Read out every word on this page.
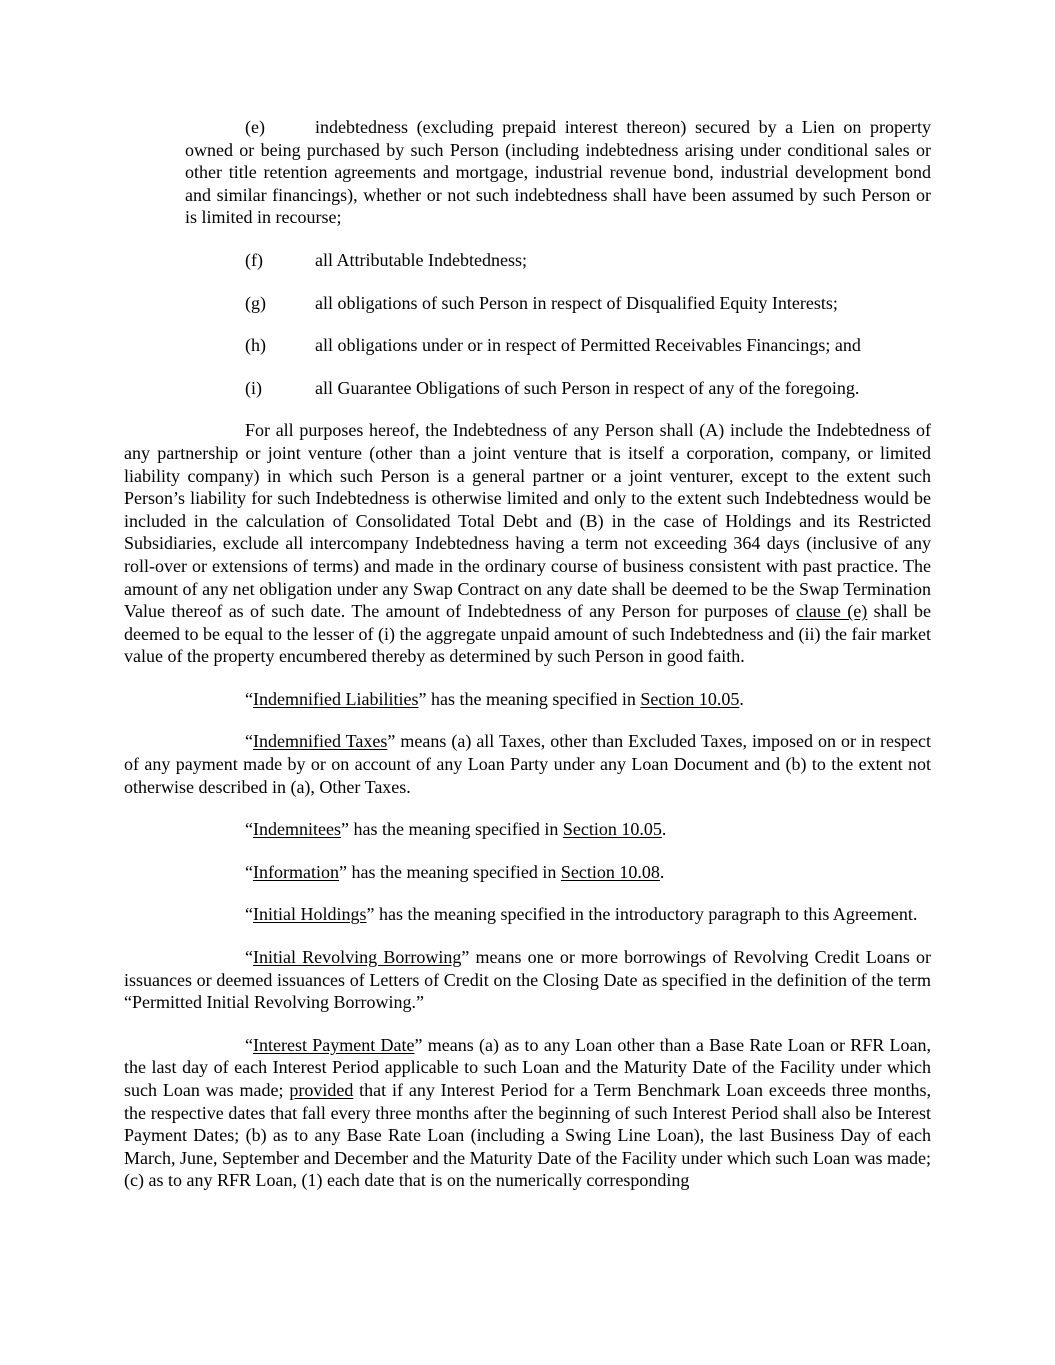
(e)	indebtedness (excluding prepaid interest thereon) secured by a Lien on property owned or being purchased by such Person (including indebtedness arising under conditional sales or other title retention agreements and mortgage, industrial revenue bond, industrial development bond and similar financings), whether or not such indebtedness shall have been assumed by such Person or is limited in recourse;

(f)	all Attributable Indebtedness;

(g)	all obligations of such Person in respect of Disqualified Equity Interests;

(h)	all obligations under or in respect of Permitted Receivables Financings; and

(i)	all Guarantee Obligations of such Person in respect of any of the foregoing.

For all purposes hereof, the Indebtedness of any Person shall (A) include the Indebtedness of any partnership or joint venture (other than a joint venture that is itself a corporation, company, or limited liability company) in which such Person is a general partner or a joint venturer, except to the extent such Person’s liability for such Indebtedness is otherwise limited and only to the extent such Indebtedness would be included in the calculation of Consolidated Total Debt and (B) in the case of Holdings and its Restricted Subsidiaries, exclude all intercompany Indebtedness having a term not exceeding 364 days (inclusive of any roll-over or extensions of terms) and made in the ordinary course of business consistent with past practice. The amount of any net obligation under any Swap Contract on any date shall be deemed to be the Swap Termination Value thereof as of such date. The amount of Indebtedness of any Person for purposes of clause (e) shall be deemed to be equal to the lesser of (i) the aggregate unpaid amount of such Indebtedness and (ii) the fair market value of the property encumbered thereby as determined by such Person in good faith.

“Indemnified Liabilities” has the meaning specified in Section 10.05.

“Indemnified Taxes” means (a) all Taxes, other than Excluded Taxes, imposed on or in respect of any payment made by or on account of any Loan Party under any Loan Document and (b) to the extent not otherwise described in (a), Other Taxes.

“Indemnitees” has the meaning specified in Section 10.05.

“Information” has the meaning specified in Section 10.08.

“Initial Holdings” has the meaning specified in the introductory paragraph to this Agreement.

“Initial Revolving Borrowing” means one or more borrowings of Revolving Credit Loans or issuances or deemed issuances of Letters of Credit on the Closing Date as specified in the definition of the term “Permitted Initial Revolving Borrowing.”

“Interest Payment Date” means (a) as to any Loan other than a Base Rate Loan or RFR Loan, the last day of each Interest Period applicable to such Loan and the Maturity Date of the Facility under which such Loan was made; provided that if any Interest Period for a Term Benchmark Loan exceeds three months, the respective dates that fall every three months after the beginning of such Interest Period shall also be Interest Payment Dates; (b) as to any Base Rate Loan (including a Swing Line Loan), the last Business Day of each March, June, September and December and the Maturity Date of the Facility under which such Loan was made; (c) as to any RFR Loan, (1) each date that is on the numerically corresponding
